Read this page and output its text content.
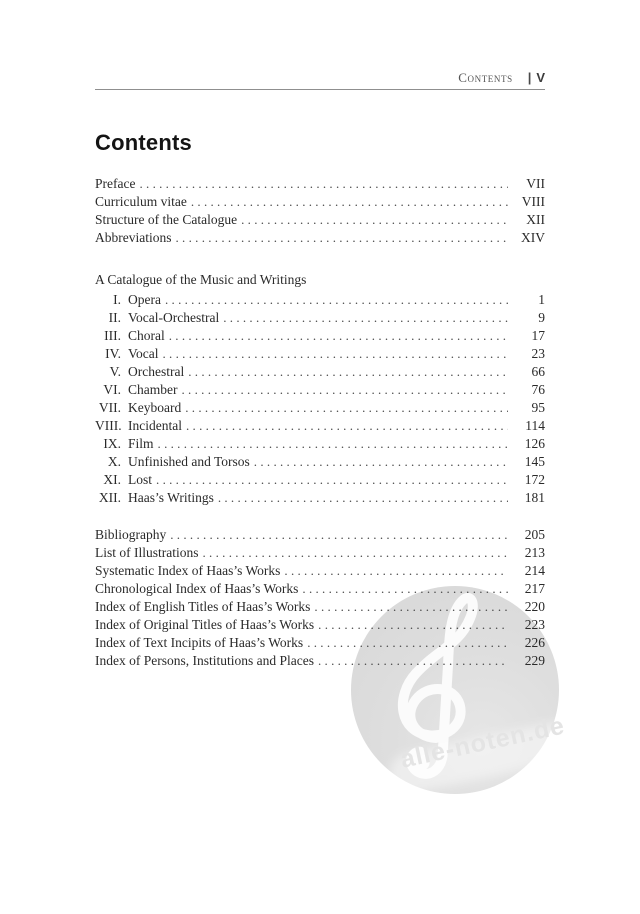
alle-noten.de
Contents | V
Contents
Preface .....	VII
Curriculum vitae .....	VIII
Structure of the Catalogue .....	XII
Abbreviations .....	XIV
A Catalogue of the Music and Writings
I. Opera .....	1
II. Vocal-Orchestral .....	9
III. Choral .....	17
IV. Vocal .....	23
V. Orchestral .....	66
VI. Chamber .....	76
VII. Keyboard .....	95
VIII. Incidental .....	114
IX. Film .....	126
X. Unfinished and Torsos .....	145
XI. Lost .....	172
XII. Haas’s Writings .....	181
Bibliography .....	205
List of Illustrations .....	213
Systematic Index of Haas’s Works .....	214
Chronological Index of Haas’s Works .....	217
Index of English Titles of Haas’s Works .....	220
Index of Original Titles of Haas’s Works .....	223
Index of Text Incipits of Haas’s Works .....	226
Index of Persons, Institutions and Places .....	229
